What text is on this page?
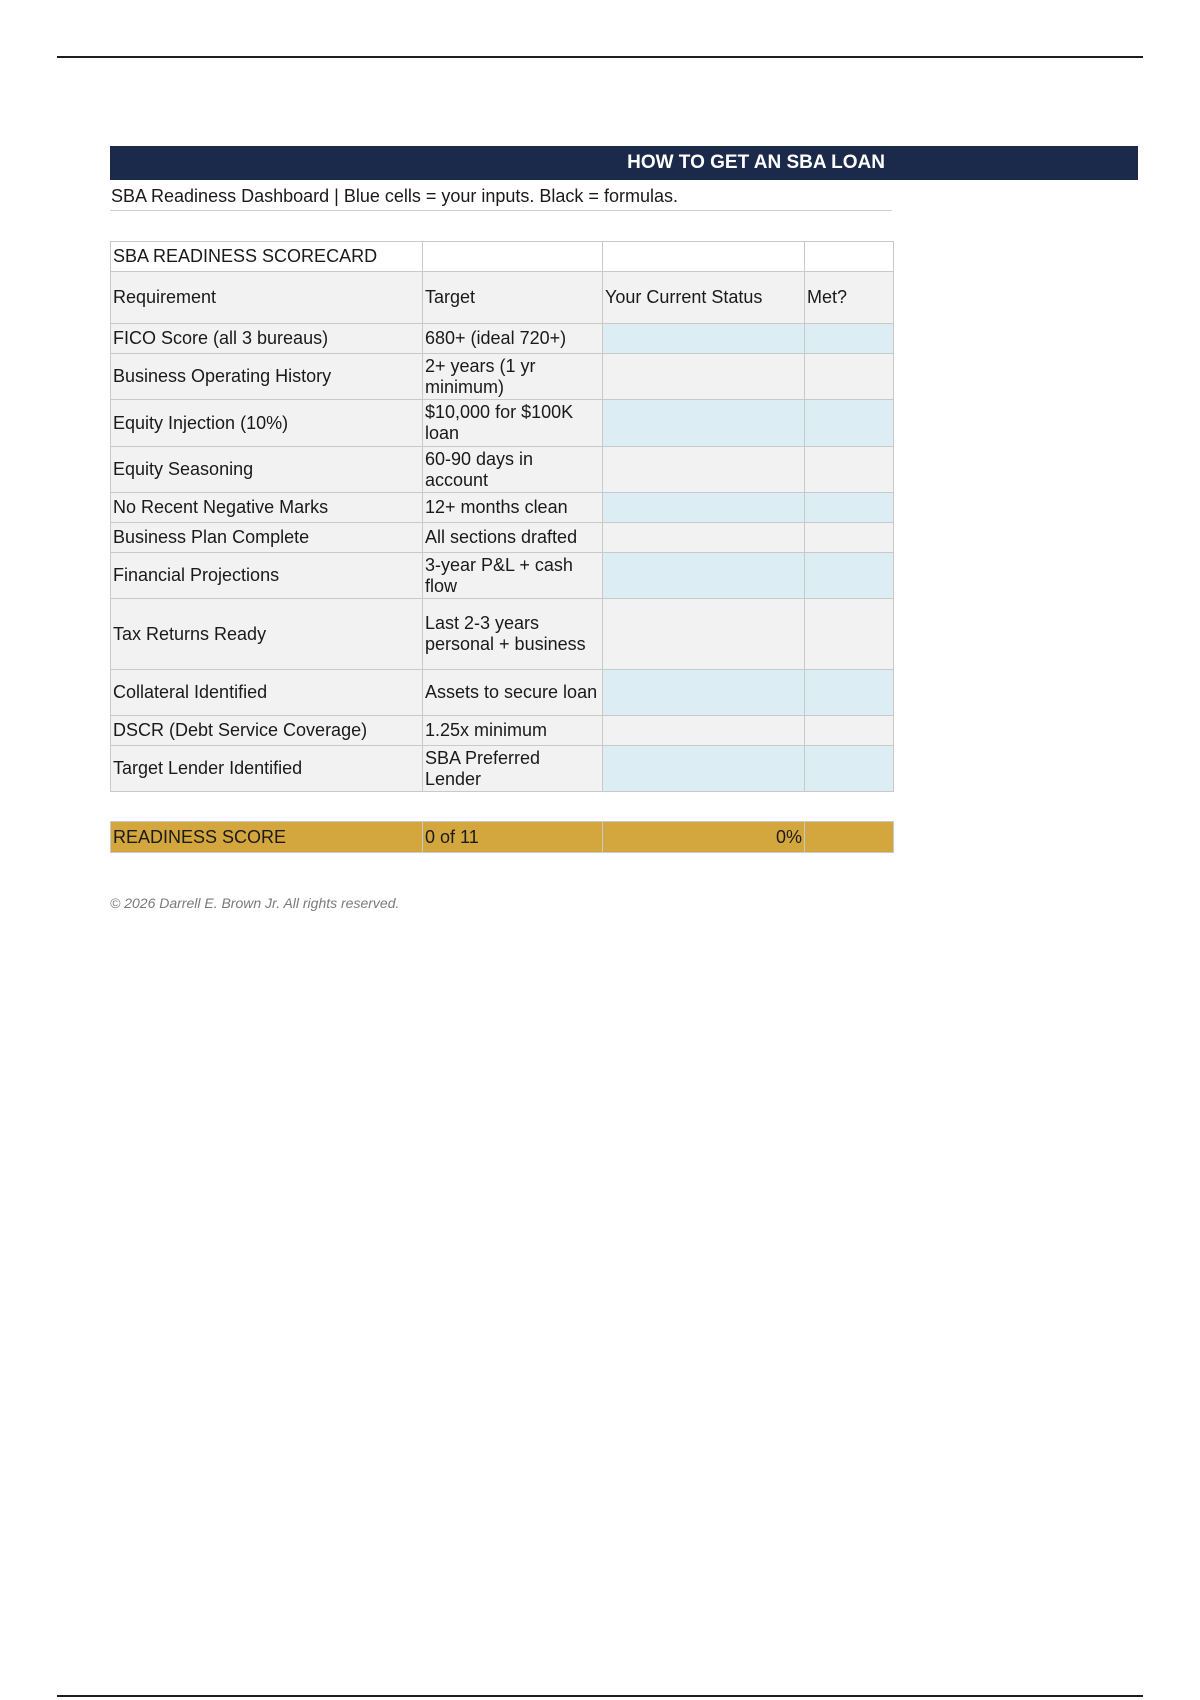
HOW TO GET AN SBA LOAN
SBA Readiness Dashboard | Blue cells = your inputs. Black = formulas.
SBA READINESS SCORECARD			
Requirement	Target	Your Current Status	Met?
FICO Score (all 3 bureaus)	680+ (ideal 720+)		
Business Operating History	2+ years (1 yr minimum)		
Equity Injection (10%)	$10,000 for $100K loan		
Equity Seasoning	60-90 days in account		
No Recent Negative Marks	12+ months clean		
Business Plan Complete	All sections drafted		
Financial Projections	3-year P&L + cash flow		
Tax Returns Ready	Last 2-3 years personal + business		
Collateral Identified	Assets to secure loan		
DSCR (Debt Service Coverage)	1.25x minimum		
Target Lender Identified	SBA Preferred Lender		

READINESS SCORE	0 of 11	0%	
© 2026 Darrell E. Brown Jr. All rights reserved.
